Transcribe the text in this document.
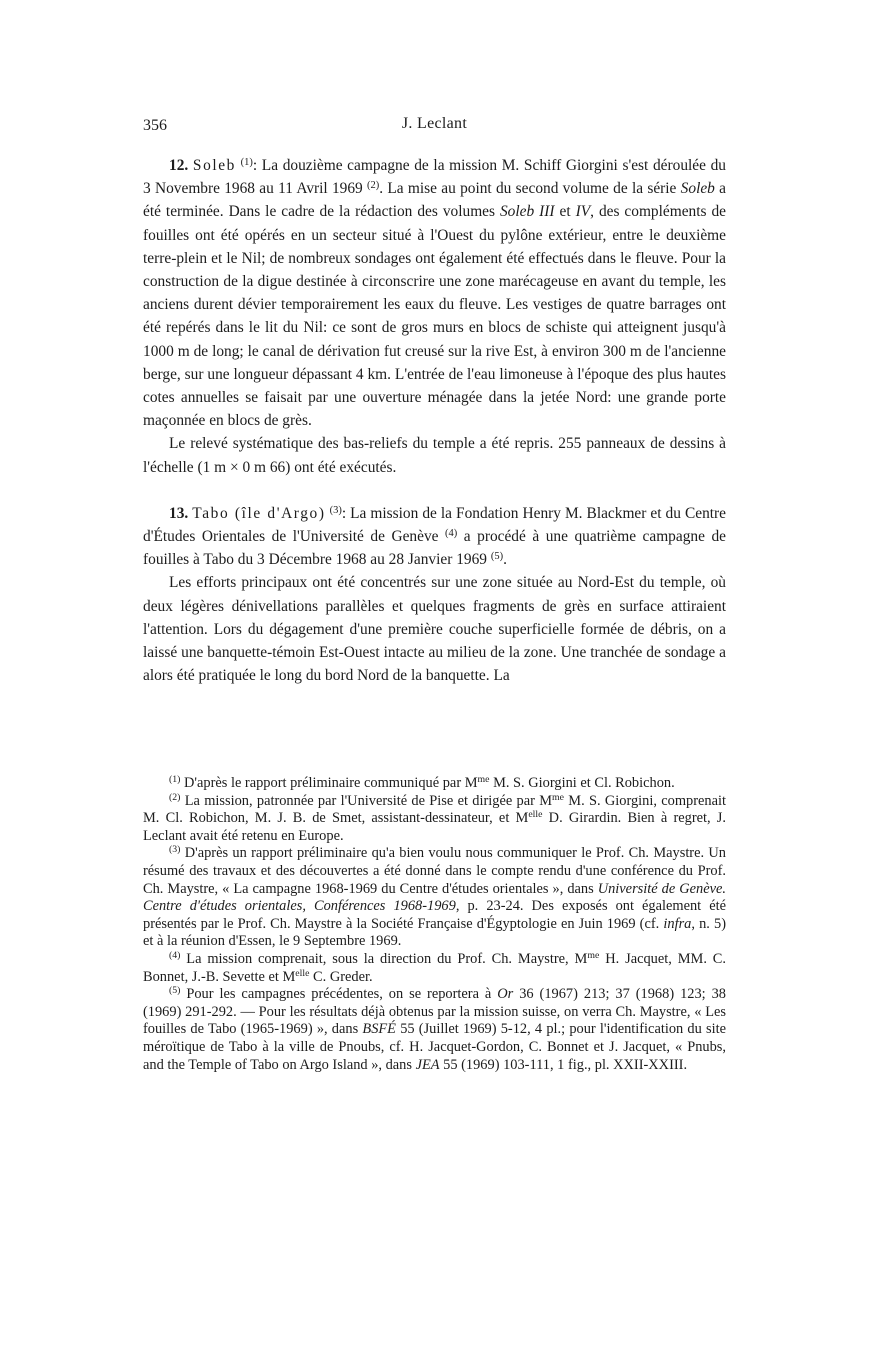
356	J. Leclant

12. Soleb $^{(1)}$: La douzième campagne de la mission M. Schiff Giorgini s'est déroulée du 3 Novembre 1968 au 11 Avril 1969 $^{(2)}$. La mise au point du second volume de la série Soleb a été terminée. Dans le cadre de la rédaction des volumes Soleb III et IV, des compléments de fouilles ont été opérés en un secteur situé à l'Ouest du pylône extérieur, entre le deuxième terre-plein et le Nil; de nombreux sondages ont également été effectués dans le fleuve. Pour la construction de la digue destinée à circonscrire une zone marécageuse en avant du temple, les anciens durent dévier temporairement les eaux du fleuve. Les vestiges de quatre barrages ont été repérés dans le lit du Nil: ce sont de gros murs en blocs de schiste qui atteignent jusqu'à 1000 m de long; le canal de dérivation fut creusé sur la rive Est, à environ 300 m de l'ancienne berge, sur une longueur dépassant 4 km. L'entrée de l'eau limoneuse à l'époque des plus hautes cotes annuelles se faisait par une ouverture ménagée dans la jetée Nord: une grande porte maçonnée en blocs de grès.

Le relevé systématique des bas-reliefs du temple a été repris. 255 panneaux de dessins à l'échelle (1 m × 0 m 66) ont été exécutés.

13. Tabo (île d'Argo) $^{(3)}$: La mission de la Fondation Henry M. Blackmer et du Centre d'Études Orientales de l'Université de Genève $^{(4)}$ a procédé à une quatrième campagne de fouilles à Tabo du 3 Décembre 1968 au 28 Janvier 1969 $^{(5)}$.

Les efforts principaux ont été concentrés sur une zone située au Nord-Est du temple, où deux légères dénivellations parallèles et quelques fragments de grès en surface attiraient l'attention. Lors du dégagement d'une première couche superficielle formée de débris, on a laissé une banquette-témoin Est-Ouest intacte au milieu de la zone. Une tranchée de sondage a alors été pratiquée le long du bord Nord de la banquette. La

$^{(1)}$ D'après le rapport préliminaire communiqué par $M^{me}$ M. S. Giorgini et Cl. Robichon.

$^{(2)}$ La mission, patronnée par l'Université de Pise et dirigée par $M^{me}$ M. S. Giorgini, comprenait M. Cl. Robichon, M. J. B. de Smet, assistant-dessinateur, et $M^{elle}$ D. Girardin. Bien à regret, J. Leclant avait été retenu en Europe.

$^{(3)}$ D'après un rapport préliminaire qu'a bien voulu nous communiquer le Prof. Ch. Maystre. Un résumé des travaux et des découvertes a été donné dans le compte rendu d'une conférence du Prof. Ch. Maystre, « La campagne 1968-1969 du Centre d'études orientales », dans Université de Genève. Centre d'études orientales, Conférences 1968-1969, p. 23-24. Des exposés ont également été présentés par le Prof. Ch. Maystre à la Société Française d'Égyptologie en Juin 1969 (cf. infra, n. 5) et à la réunion d'Essen, le 9 Septembre 1969.

$^{(4)}$ La mission comprenait, sous la direction du Prof. Ch. Maystre, $M^{me}$ H. Jacquet, MM. C. Bonnet, J.-B. Sevette et $M^{elle}$ C. Greder.

$^{(5)}$ Pour les campagnes précédentes, on se reportera à Or 36 (1967) 213; 37 (1968) 123; 38 (1969) 291-292. — Pour les résultats déjà obtenus par la mission suisse, on verra Ch. Maystre, « Les fouilles de Tabo (1965-1969) », dans BSFÉ 55 (Juillet 1969) 5-12, 4 pl.; pour l'identification du site méroïtique de Tabo à la ville de Pnoubs, cf. H. Jacquet-Gordon, C. Bonnet et J. Jacquet, « Pnubs, and the Temple of Tabo on Argo Island », dans JEA 55 (1969) 103-111, 1 fig., pl. XXII-XXIII.
